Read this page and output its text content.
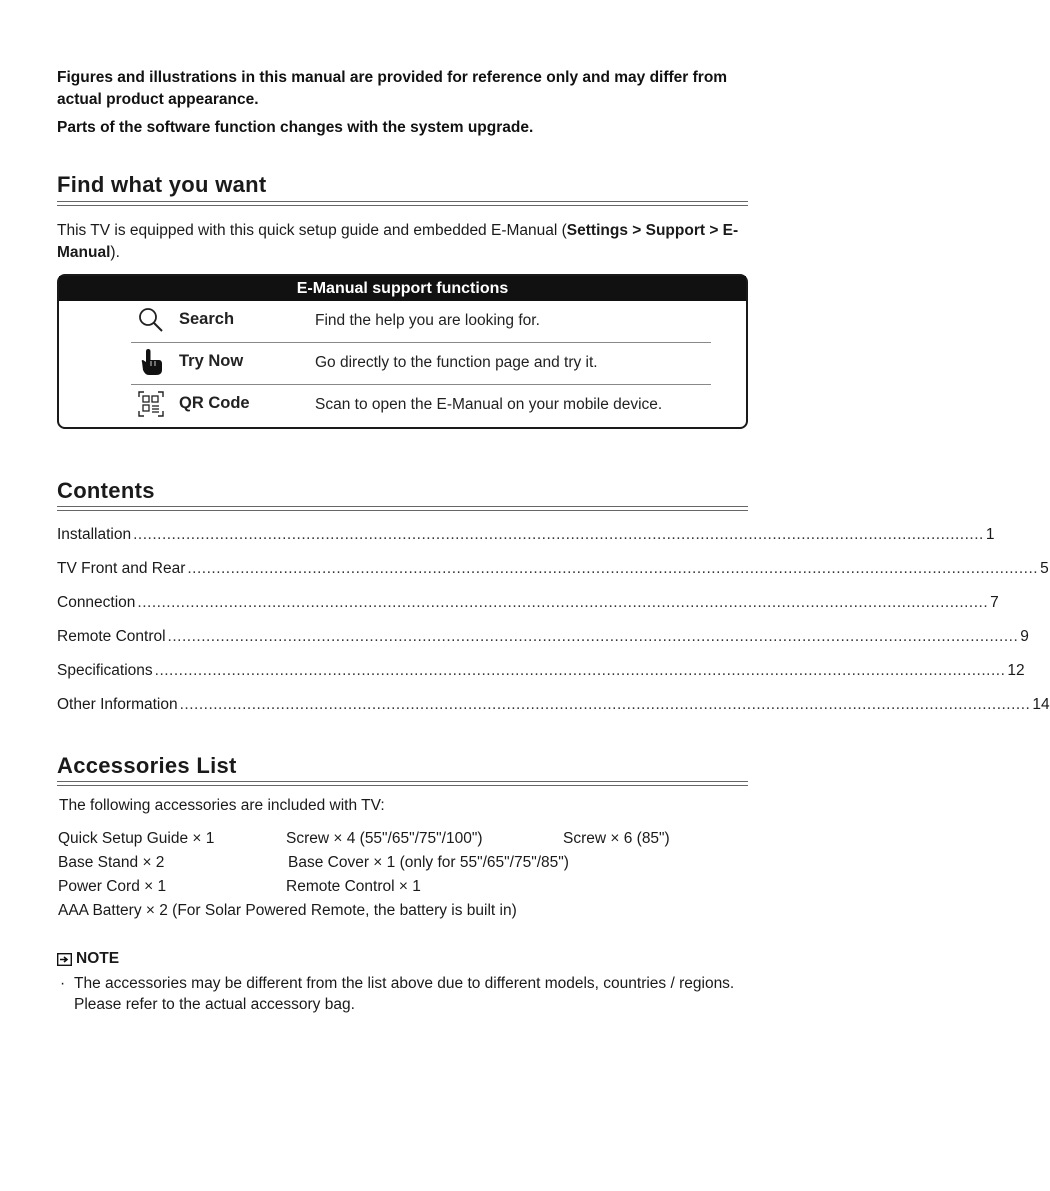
Figures and illustrations in this manual are provided for reference only and may differ from actual product appearance.
Parts of the software function changes with the system upgrade.
Find what you want
This TV is equipped with this quick setup guide and embedded E-Manual (Settings > Support > E-Manual).
E-Manual support functions
Search	Find the help you are looking for.
Try Now	Go directly to the function page and try it.
QR Code	Scan to open the E-Manual on your mobile device.
Contents
Installation ................................................................................................................................................................................. 1
TV Front and Rear ................................................................................................................................................................................. 5
Connection ................................................................................................................................................................................. 7
Remote Control ................................................................................................................................................................................. 9
Specifications ................................................................................................................................................................................. 12
Other Information ................................................................................................................................................................................. 14
Accessories List
The following accessories are included with TV:
Quick Setup Guide × 1	Screw × 4 (55"/65"/75"/100")	Screw × 6 (85")
Base Stand × 2	Base Cover × 1 (only for 55"/65"/75"/85")
Power Cord × 1	Remote Control × 1
AAA Battery × 2 (For Solar Powered Remote, the battery is built in)
NOTE
· The accessories may be different from the list above due to different models, countries / regions. Please refer to the actual accessory bag.
